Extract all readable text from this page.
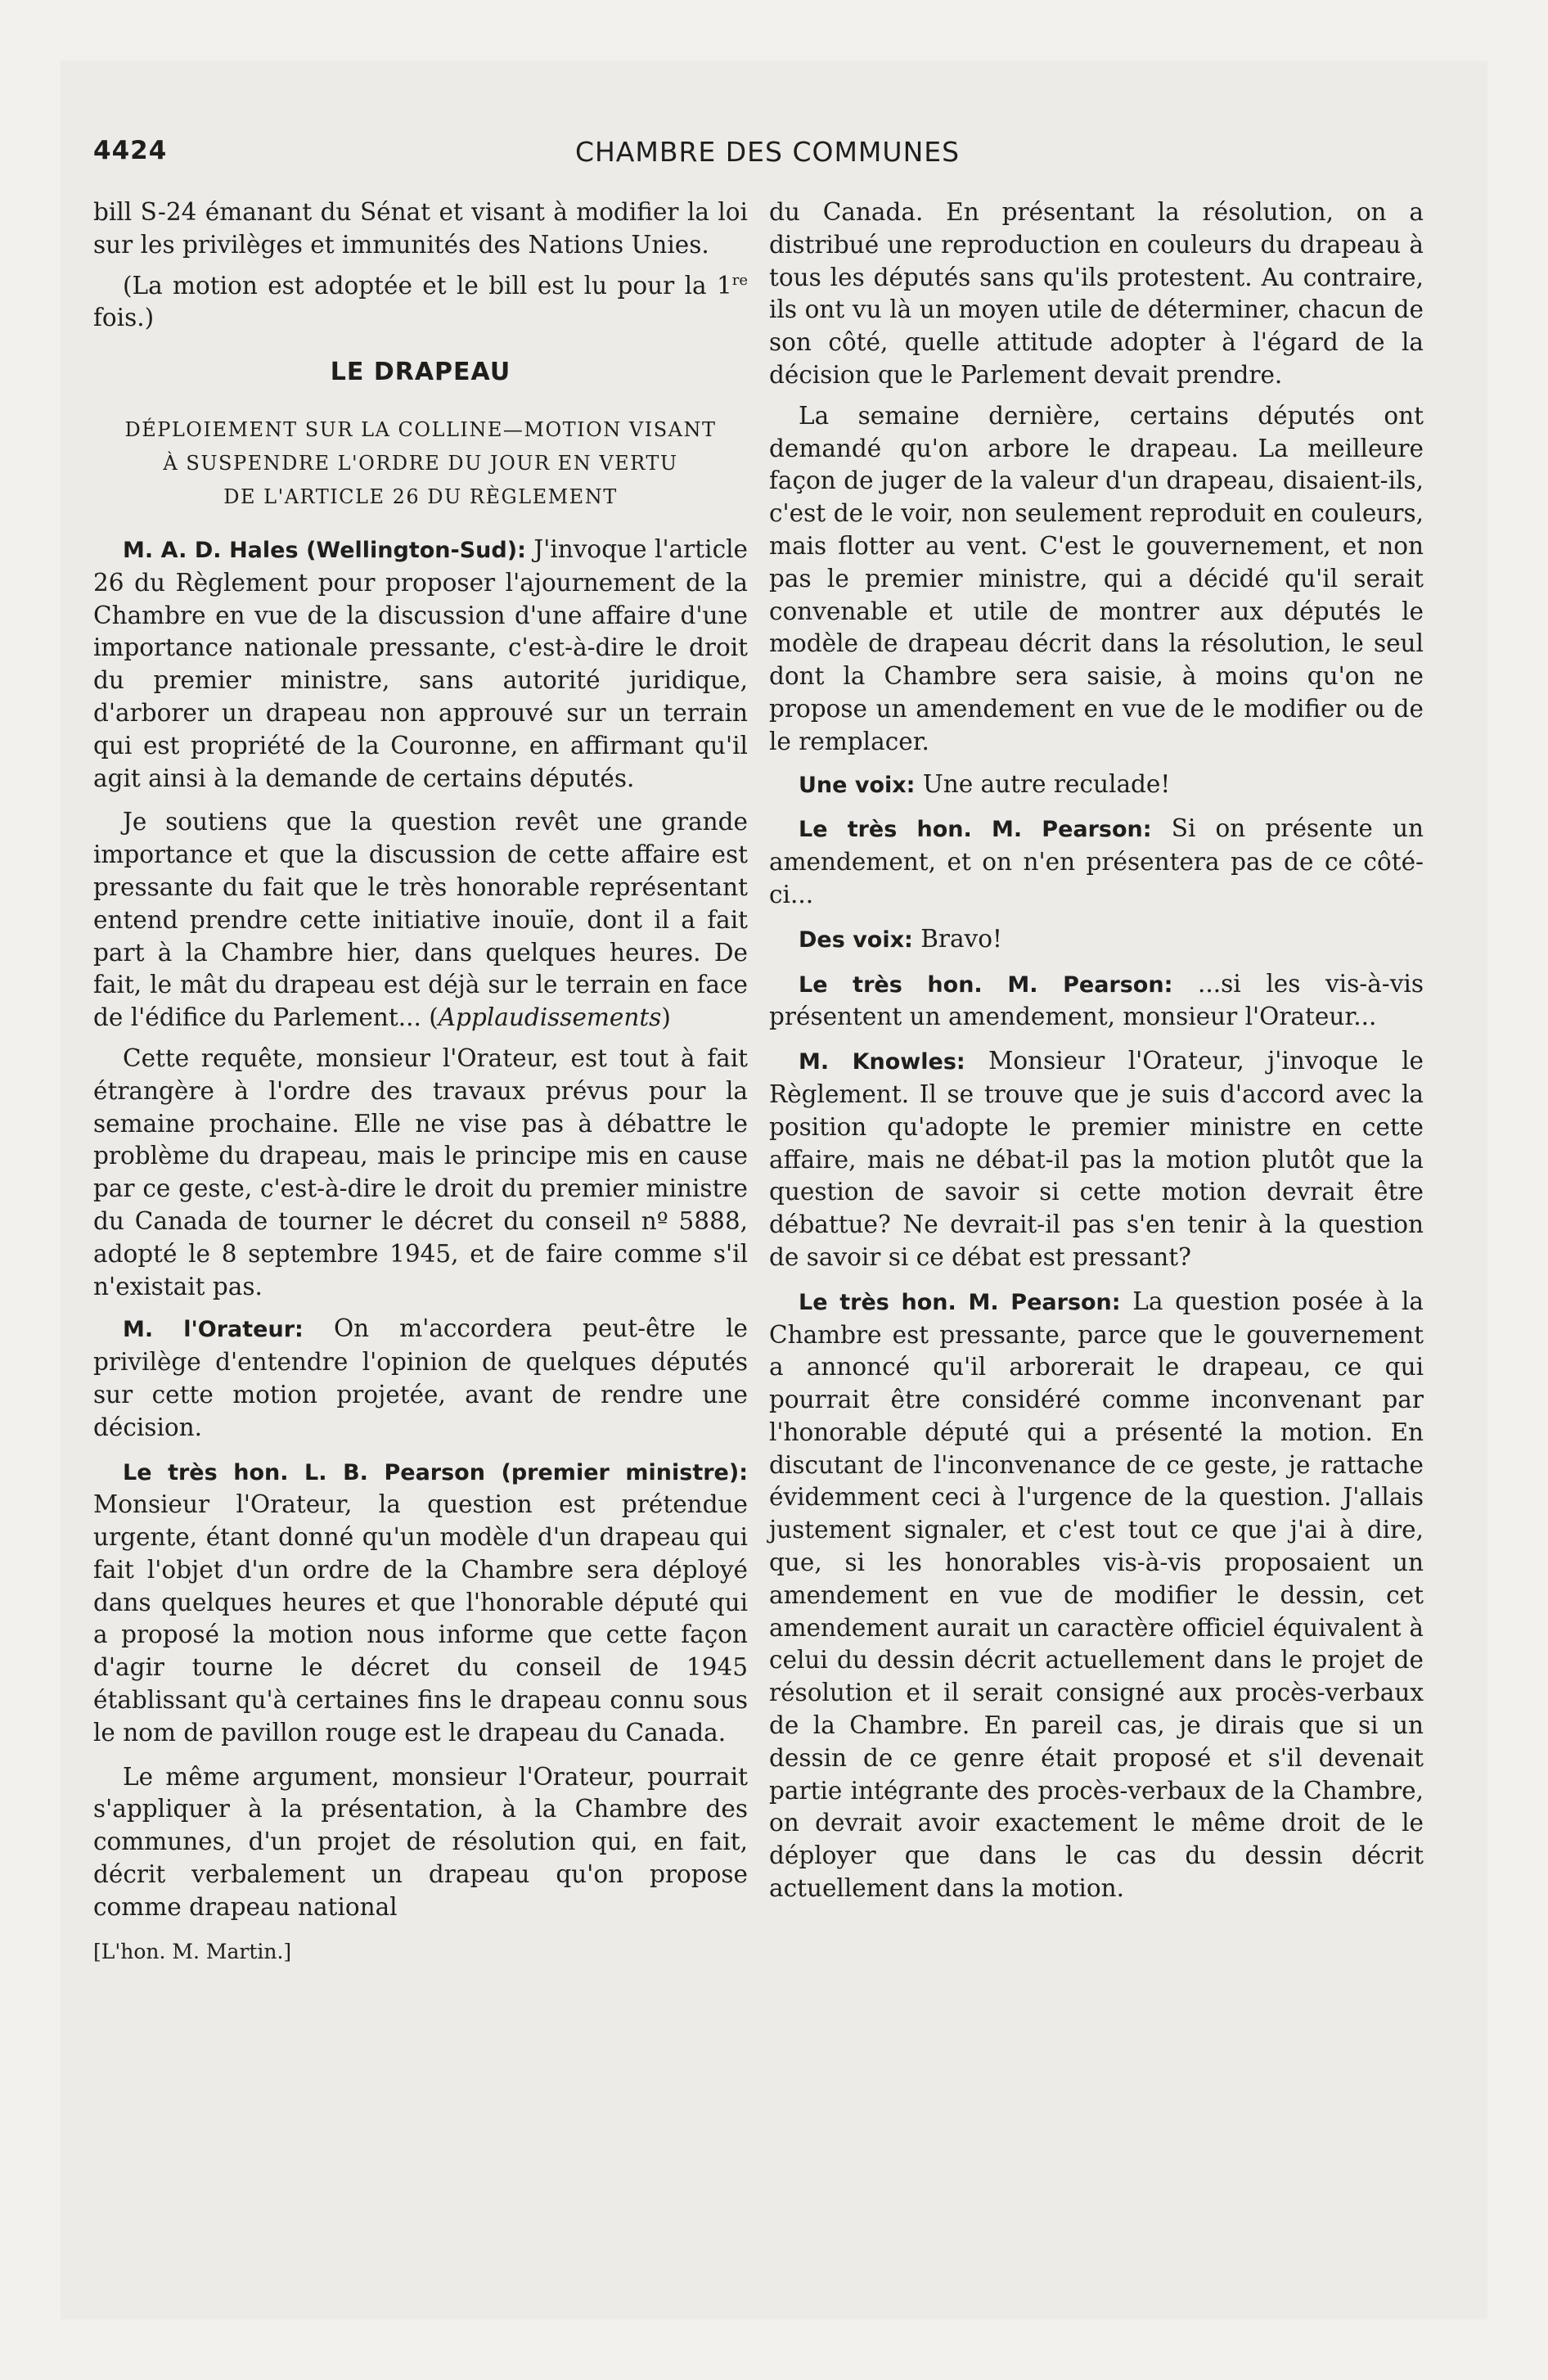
4424	CHAMBRE DES COMMUNES

bill S-24 émanant du Sénat et visant à modifier la loi sur les privilèges et immunités des Nations Unies.

(La motion est adoptée et le bill est lu pour la 1re fois.)

LE DRAPEAU
DÉPLOIEMENT SUR LA COLLINE—MOTION VISANT
À SUSPENDRE L'ORDRE DU JOUR EN VERTU
DE L'ARTICLE 26 DU RÈGLEMENT

M. A. D. Hales (Wellington-Sud): J'invoque l'article 26 du Règlement pour proposer l'ajournement de la Chambre en vue de la discussion d'une affaire d'une importance nationale pressante, c'est-à-dire le droit du premier ministre, sans autorité juridique, d'arborer un drapeau non approuvé sur un terrain qui est propriété de la Couronne, en affirmant qu'il agit ainsi à la demande de certains députés.

Je soutiens que la question revêt une grande importance et que la discussion de cette affaire est pressante du fait que le très honorable représentant entend prendre cette initiative inouïe, dont il a fait part à la Chambre hier, dans quelques heures. De fait, le mât du drapeau est déjà sur le terrain en face de l'édifice du Parlement... (Applaudissements)

Cette requête, monsieur l'Orateur, est tout à fait étrangère à l'ordre des travaux prévus pour la semaine prochaine. Elle ne vise pas à débattre le problème du drapeau, mais le principe mis en cause par ce geste, c'est-à-dire le droit du premier ministre du Canada de tourner le décret du conseil nº 5888, adopté le 8 septembre 1945, et de faire comme s'il n'existait pas.

M. l'Orateur: On m'accordera peut-être le privilège d'entendre l'opinion de quelques députés sur cette motion projetée, avant de rendre une décision.

Le très hon. L. B. Pearson (premier ministre): Monsieur l'Orateur, la question est prétendue urgente, étant donné qu'un modèle d'un drapeau qui fait l'objet d'un ordre de la Chambre sera déployé dans quelques heures et que l'honorable député qui a proposé la motion nous informe que cette façon d'agir tourne le décret du conseil de 1945 établissant qu'à certaines fins le drapeau connu sous le nom de pavillon rouge est le drapeau du Canada.

Le même argument, monsieur l'Orateur, pourrait s'appliquer à la présentation, à la Chambre des communes, d'un projet de résolution qui, en fait, décrit verbalement un drapeau qu'on propose comme drapeau national

[L'hon. M. Martin.]

du Canada. En présentant la résolution, on a distribué une reproduction en couleurs du drapeau à tous les députés sans qu'ils protestent. Au contraire, ils ont vu là un moyen utile de déterminer, chacun de son côté, quelle attitude adopter à l'égard de la décision que le Parlement devait prendre.

La semaine dernière, certains députés ont demandé qu'on arbore le drapeau. La meilleure façon de juger de la valeur d'un drapeau, disaient-ils, c'est de le voir, non seulement reproduit en couleurs, mais flotter au vent. C'est le gouvernement, et non pas le premier ministre, qui a décidé qu'il serait convenable et utile de montrer aux députés le modèle de drapeau décrit dans la résolution, le seul dont la Chambre sera saisie, à moins qu'on ne propose un amendement en vue de le modifier ou de le remplacer.

Une voix: Une autre reculade!

Le très hon. M. Pearson: Si on présente un amendement, et on n'en présentera pas de ce côté-ci...

Des voix: Bravo!

Le très hon. M. Pearson: ...si les vis-à-vis présentent un amendement, monsieur l'Orateur...

M. Knowles: Monsieur l'Orateur, j'invoque le Règlement. Il se trouve que je suis d'accord avec la position qu'adopte le premier ministre en cette affaire, mais ne débat-il pas la motion plutôt que la question de savoir si cette motion devrait être débattue? Ne devrait-il pas s'en tenir à la question de savoir si ce débat est pressant?

Le très hon. M. Pearson: La question posée à la Chambre est pressante, parce que le gouvernement a annoncé qu'il arborerait le drapeau, ce qui pourrait être considéré comme inconvenant par l'honorable député qui a présenté la motion. En discutant de l'inconvenance de ce geste, je rattache évidemment ceci à l'urgence de la question. J'allais justement signaler, et c'est tout ce que j'ai à dire, que, si les honorables vis-à-vis proposaient un amendement en vue de modifier le dessin, cet amendement aurait un caractère officiel équivalent à celui du dessin décrit actuellement dans le projet de résolution et il serait consigné aux procès-verbaux de la Chambre. En pareil cas, je dirais que si un dessin de ce genre était proposé et s'il devenait partie intégrante des procès-verbaux de la Chambre, on devrait avoir exactement le même droit de le déployer que dans le cas du dessin décrit actuellement dans la motion.
